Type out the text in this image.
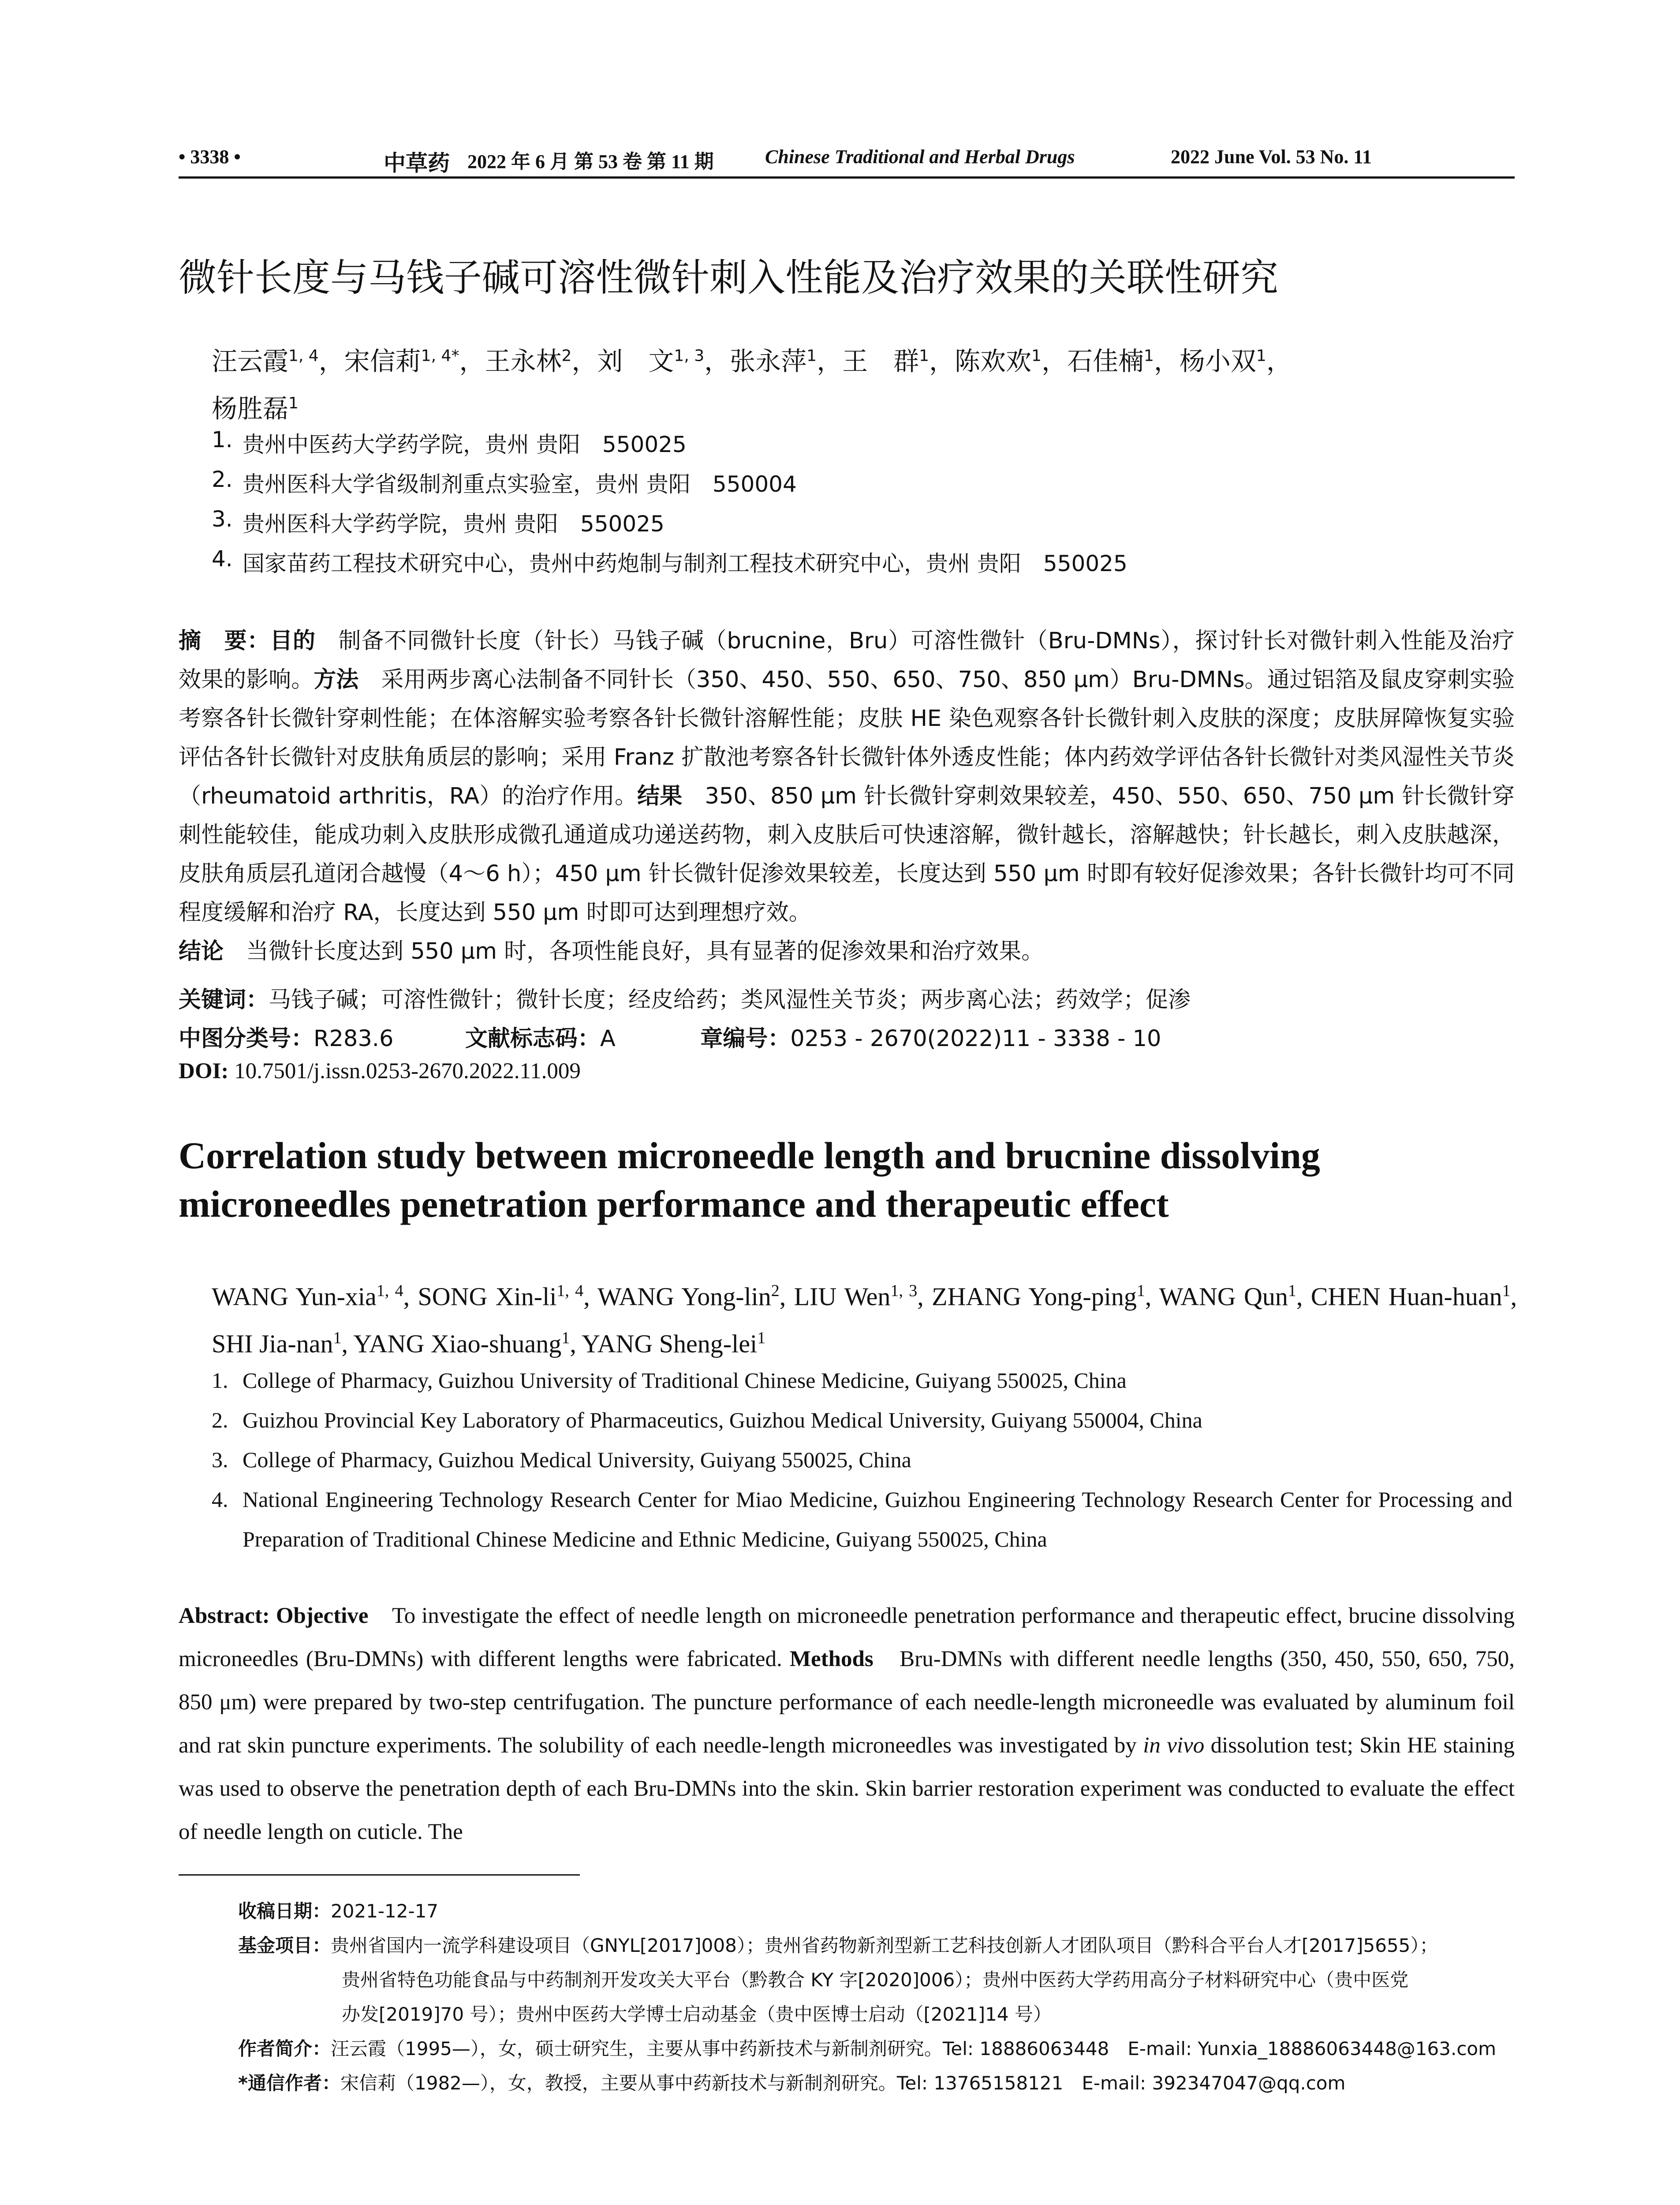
• 3338 •	中草药 2022 年 6 月 第 53 卷 第 11 期	Chinese Traditional and Herbal Drugs	2022 June Vol. 53 No. 11
微针长度与马钱子碱可溶性微针刺入性能及治疗效果的关联性研究
汪云霞$^{1, 4}$，宋信莉$^{1, 4*}$，王永林$^2$，刘　文$^{1, 3}$，张永萍$^1$，王　群$^1$，陈欢欢$^1$，石佳楠$^1$，杨小双$^1$，
杨胜磊$^1$
1. 贵州中医药大学药学院，贵州 贵阳　550025
2. 贵州医科大学省级制剂重点实验室，贵州 贵阳　550004
3. 贵州医科大学药学院，贵州 贵阳　550025
4. 国家苗药工程技术研究中心，贵州中药炮制与制剂工程技术研究中心，贵州 贵阳　550025
摘　要：目的　制备不同微针长度（针长）马钱子碱（brucnine，Bru）可溶性微针（Bru-DMNs），探讨针长对微针刺入性能及治疗效果的影响。方法　采用两步离心法制备不同针长（350、450、550、650、750、850 μm）Bru-DMNs。通过铝箔及鼠皮穿刺实验考察各针长微针穿刺性能；在体溶解实验考察各针长微针溶解性能；皮肤 HE 染色观察各针长微针刺入皮肤的深度；皮肤屏障恢复实验评估各针长微针对皮肤角质层的影响；采用 Franz 扩散池考察各针长微针体外透皮性能；体内药效学评估各针长微针对类风湿性关节炎（rheumatoid arthritis，RA）的治疗作用。结果　350、850 μm 针长微针穿刺效果较差，450、550、650、750 μm 针长微针穿刺性能较佳，能成功刺入皮肤形成微孔通道成功递送药物，刺入皮肤后可快速溶解，微针越长，溶解越快；针长越长，刺入皮肤越深，皮肤角质层孔道闭合越慢（4～6 h）；450 μm 针长微针促渗效果较差，长度达到 550 μm 时即有较好促渗效果；各针长微针均可不同程度缓解和治疗 RA，长度达到 550 μm 时即可达到理想疗效。
结论　当微针长度达到 550 μm 时，各项性能良好，具有显著的促渗效果和治疗效果。
关键词：马钱子碱；可溶性微针；微针长度；经皮给药；类风湿性关节炎；两步离心法；药效学；促渗
中图分类号：R283.6	文献标志码：A	章编号：0253 - 2670(2022)11 - 3338 - 10
DOI: 10.7501/j.issn.0253-2670.2022.11.009
Correlation study between microneedle length and brucnine dissolving microneedles penetration performance and therapeutic effect
WANG Yun-xia$^{1, 4}$, SONG Xin-li$^{1, 4}$, WANG Yong-lin$^2$, LIU Wen$^{1, 3}$, ZHANG Yong-ping$^1$, WANG Qun$^1$, CHEN Huan-huan$^1$, SHI Jia-nan$^1$, YANG Xiao-shuang$^1$, YANG Sheng-lei$^1$
1. College of Pharmacy, Guizhou University of Traditional Chinese Medicine, Guiyang 550025, China
2. Guizhou Provincial Key Laboratory of Pharmaceutics, Guizhou Medical University, Guiyang 550004, China
3. College of Pharmacy, Guizhou Medical University, Guiyang 550025, China
4. National Engineering Technology Research Center for Miao Medicine, Guizhou Engineering Technology Research Center for Processing and Preparation of Traditional Chinese Medicine and Ethnic Medicine, Guiyang 550025, China
Abstract: Objective　To investigate the effect of needle length on microneedle penetration performance and therapeutic effect, brucine dissolving microneedles (Bru-DMNs) with different lengths were fabricated. Methods　Bru-DMNs with different needle lengths (350, 450, 550, 650, 750, 850 μm) were prepared by two-step centrifugation. The puncture performance of each needle-length microneedle was evaluated by aluminum foil and rat skin puncture experiments. The solubility of each needle-length microneedles was investigated by in vivo dissolution test; Skin HE staining was used to observe the penetration depth of each Bru-DMNs into the skin. Skin barrier restoration experiment was conducted to evaluate the effect of needle length on cuticle. The
收稿日期： 2021-12-17
基金项目： 贵州省国内一流学科建设项目（GNYL[2017]008）；贵州省药物新剂型新工艺科技创新人才团队项目（黔科合平台人才[2017]5655）；
贵州省特色功能食品与中药制剂开发攻关大平台（黔教合 KY 字[2020]006）；贵州中医药大学药用高分子材料研究中心（贵中医党
办发[2019]70 号）；贵州中医药大学博士启动基金（贵中医博士启动（[2021]14 号）
作者简介： 汪云霞（1995—），女，硕士研究生，主要从事中药新技术与新制剂研究。Tel: 18886063448　E-mail: Yunxia_18886063448@163.com
*通信作者： 宋信莉（1982—），女，教授，主要从事中药新技术与新制剂研究。Tel: 13765158121　E-mail: 392347047@qq.com
